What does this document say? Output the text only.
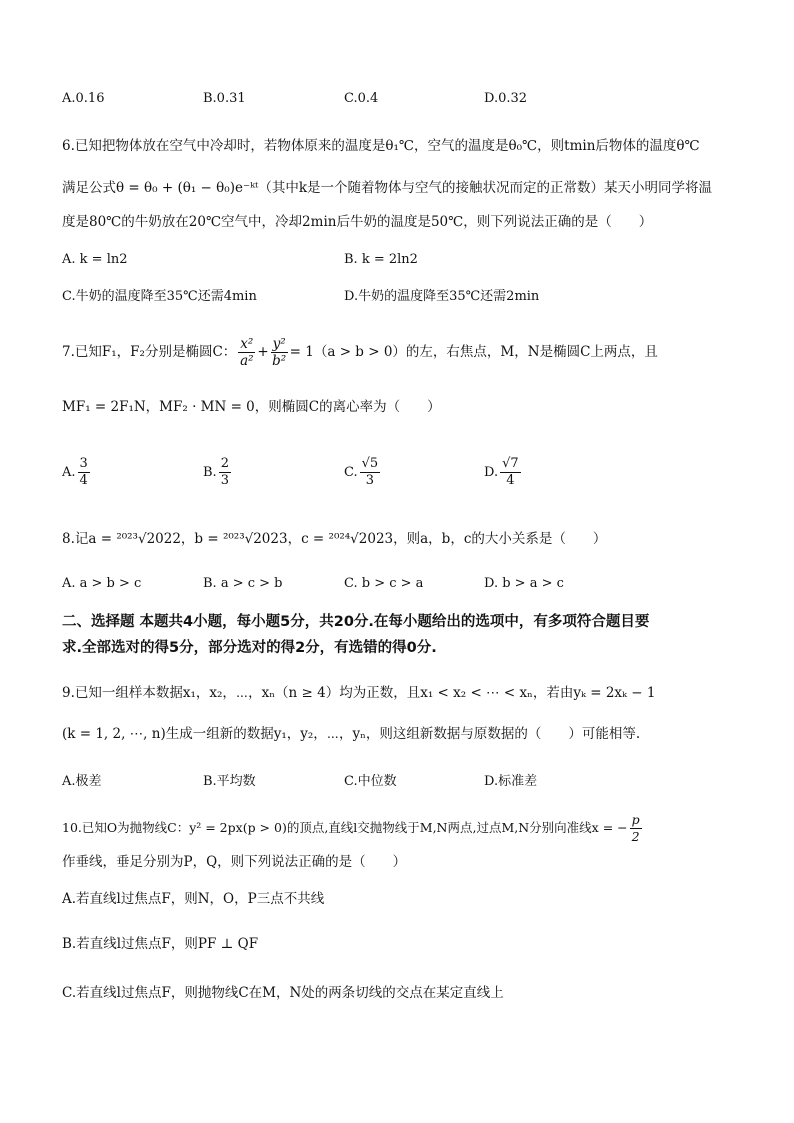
A.0.16	B.0.31	C.0.4	D.0.32
6.已知把物体放在空气中冷却时，若物体原来的温度是θ₁℃，空气的温度是θ₀℃，则tmin后物体的温度θ℃
满足公式θ = θ₀ + (θ₁ − θ₀)e⁻ᵏᵗ（其中k是一个随着物体与空气的接触状况而定的正常数）某天小明同学将温
度是80℃的牛奶放在20℃空气中，冷却2min后牛奶的温度是50℃，则下列说法正确的是（　　）
A. k = ln2	B. k = 2ln2
C.牛奶的温度降至35℃还需4min	D.牛奶的温度降至35℃还需2min
7.已知F₁，F₂分别是椭圆C： $\frac{\text{x²}}{\text{a²}} + \frac{\text{y²}}{\text{b²}} = 1(a > b > 0)$的左，右焦点，M，N是椭圆C上两点，且
MF₁ = 2F₁N，MF₂ · MN = 0，则椭圆C的离心率为（　　）
A. $\frac{3}{4}$	B. $\frac{2}{3}$	C. $\frac{√5}{3}$	D. $\frac{√7}{4}$
8.记a = ²⁰²³√2022，b = ²⁰²³√2023，c = ²⁰²⁴√2023，则a，b，c的大小关系是（　　）
A. a > b > c	B. a > c > b	C. b > c > a	D. b > a > c
二、选择题 本题共4小题，每小题5分，共20分.在每小题给出的选项中，有多项符合题目要
求.全部选对的得5分，部分选对的得2分，有选错的得0分.
9.已知一组样本数据x₁，x₂，⋯，xₙ（n ≥ 4）均为正数，且x₁ < x₂ < ⋯ < xₙ，若由yₖ = 2xₖ − 1
(k = 1, 2, ⋯, n)生成一组新的数据y₁，y₂，⋯，yₙ，则这组新数据与原数据的（　　）可能相等.
A.极差	B.平均数	C.中位数	D.标准差
10.已知O为抛物线C：y² = 2px(p > 0)的顶点,直线l交抛物线于M,N两点,过点M,N分别向准线x = − $\frac{p}{2}$
作垂线，垂足分别为P，Q，则下列说法正确的是（　　）
A.若直线l过焦点F，则N，O，P三点不共线
B.若直线l过焦点F，则PF ⊥ QF
C.若直线l过焦点F，则抛物线C在M，N处的两条切线的交点在某定直线上
